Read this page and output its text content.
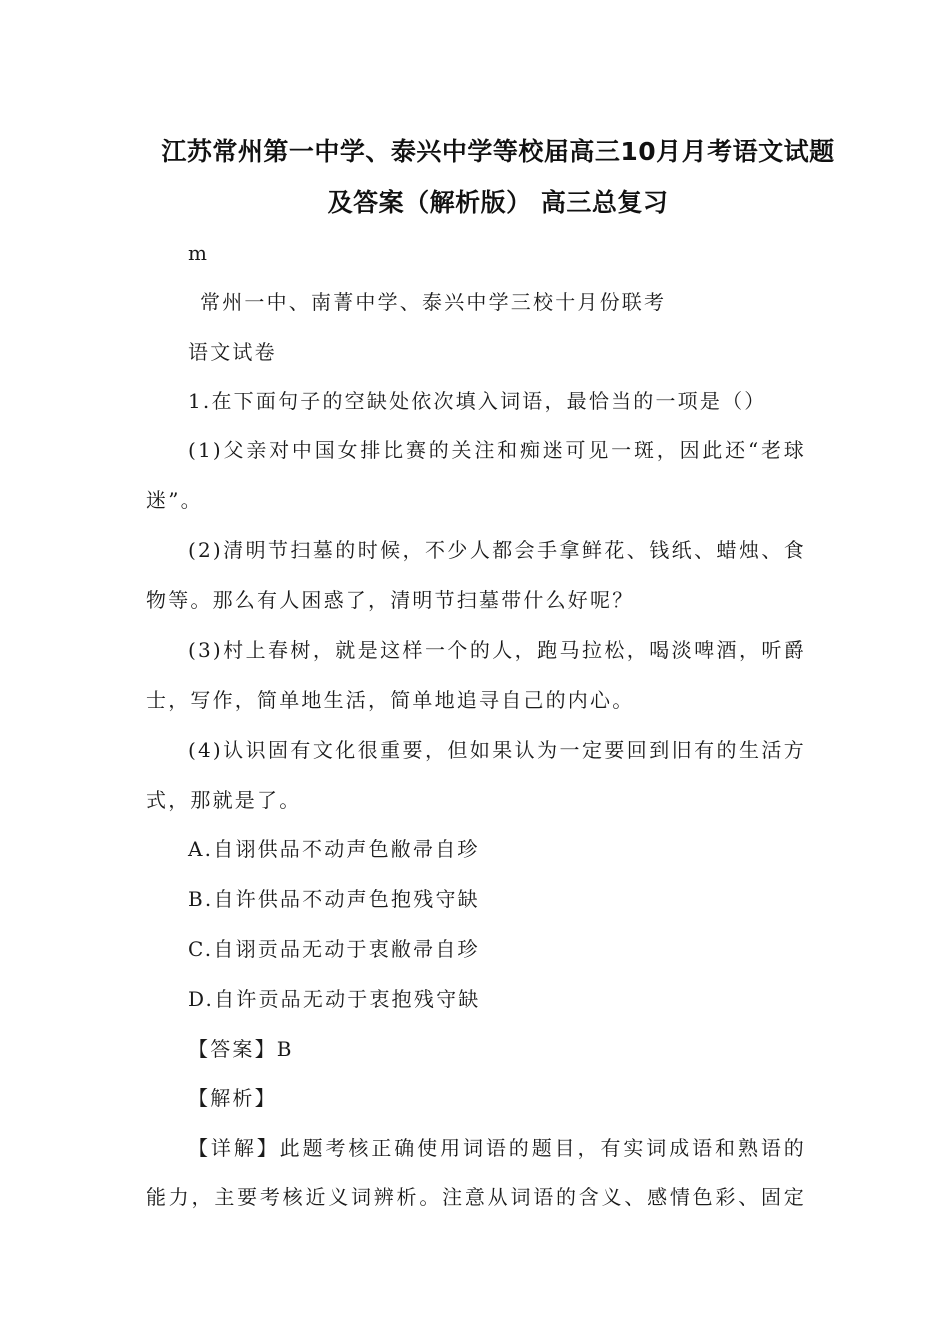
江苏常州第一中学、泰兴中学等校届高三10月月考语文试题
及答案（解析版） 高三总复习
m
常州一中、南菁中学、泰兴中学三校十月份联考
语文试卷
1.在下面句子的空缺处依次填入词语，最恰当的一项是（）
(1)父亲对中国女排比赛的关注和痴迷可见一斑，因此还“老球
迷”。
(2)清明节扫墓的时候，不少人都会手拿鲜花、钱纸、蜡烛、食
物等。那么有人困惑了，清明节扫墓带什么好呢？
(3)村上春树，就是这样一个的人，跑马拉松，喝淡啤酒，听爵
士，写作，简单地生活，简单地追寻自己的内心。
(4)认识固有文化很重要，但如果认为一定要回到旧有的生活方
式，那就是了。
A.自诩供品不动声色敝帚自珍
B.自许供品不动声色抱残守缺
C.自诩贡品无动于衷敝帚自珍
D.自许贡品无动于衷抱残守缺
【答案】B
【解析】
【详解】此题考核正确使用词语的题目，有实词成语和熟语的
能力，主要考核近义词辨析。注意从词语的含义、感情色彩、固定
